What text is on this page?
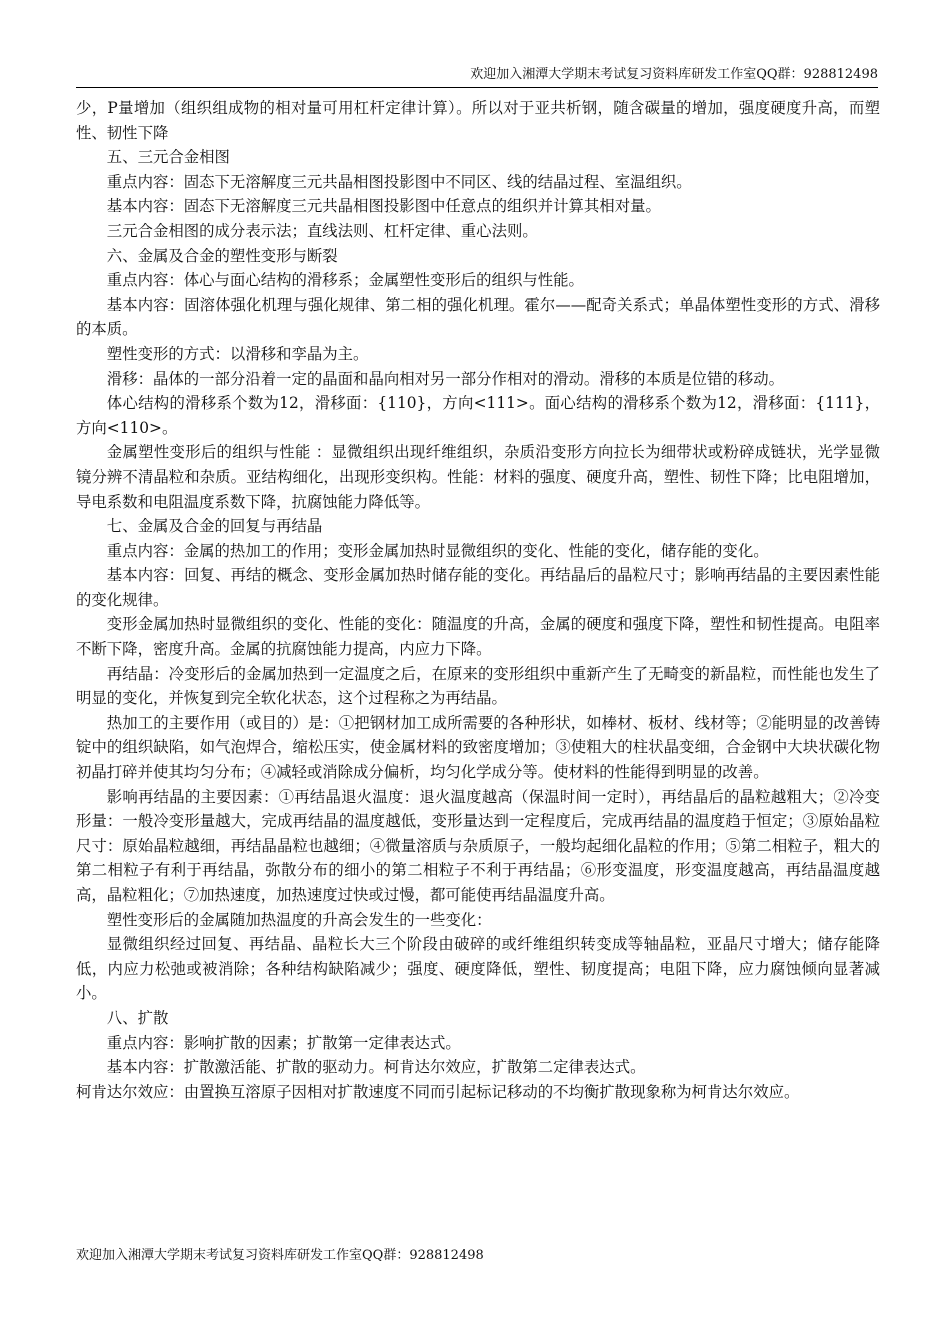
欢迎加入湘潭大学期末考试复习资料库研发工作室QQ群：928812498

少，P量增加（组织组成物的相对量可用杠杆定律计算）。所以对于亚共析钢，随含碳量的增加，强度硬度升高，而塑性、韧性下降

五、三元合金相图

重点内容：固态下无溶解度三元共晶相图投影图中不同区、线的结晶过程、室温组织。

基本内容：固态下无溶解度三元共晶相图投影图中任意点的组织并计算其相对量。

三元合金相图的成分表示法；直线法则、杠杆定律、重心法则。

六、金属及合金的塑性变形与断裂

重点内容：体心与面心结构的滑移系；金属塑性变形后的组织与性能。

基本内容：固溶体强化机理与强化规律、第二相的强化机理。霍尔——配奇关系式；单晶体塑性变形的方式、滑移的本质。

塑性变形的方式：以滑移和孪晶为主。

滑移：晶体的一部分沿着一定的晶面和晶向相对另一部分作相对的滑动。滑移的本质是位错的移动。

体心结构的滑移系个数为12，滑移面：{110}，方向<111>。面心结构的滑移系个数为12，滑移面：{111}，方向<110>。

金属塑性变形后的组织与性能 ：显微组织出现纤维组织，杂质沿变形方向拉长为细带状或粉碎成链状，光学显微镜分辨不清晶粒和杂质。亚结构细化，出现形变织构。性能：材料的强度、硬度升高，塑性、韧性下降；比电阻增加，导电系数和电阻温度系数下降，抗腐蚀能力降低等。

七、金属及合金的回复与再结晶

重点内容：金属的热加工的作用；变形金属加热时显微组织的变化、性能的变化，储存能的变化。

基本内容：回复、再结的概念、变形金属加热时储存能的变化。再结晶后的晶粒尺寸；影响再结晶的主要因素性能的变化规律。

变形金属加热时显微组织的变化、性能的变化：随温度的升高，金属的硬度和强度下降，塑性和韧性提高。电阻率不断下降，密度升高。金属的抗腐蚀能力提高，内应力下降。

再结晶：冷变形后的金属加热到一定温度之后，在原来的变形组织中重新产生了无畸变的新晶粒，而性能也发生了明显的变化，并恢复到完全软化状态，这个过程称之为再结晶。

热加工的主要作用（或目的）是：①把钢材加工成所需要的各种形状，如棒材、板材、线材等；②能明显的改善铸锭中的组织缺陷，如气泡焊合，缩松压实，使金属材料的致密度增加；③使粗大的柱状晶变细，合金钢中大块状碳化物初晶打碎并使其均匀分布；④减轻或消除成分偏析，均匀化学成分等。使材料的性能得到明显的改善。

影响再结晶的主要因素：①再结晶退火温度：退火温度越高（保温时间一定时），再结晶后的晶粒越粗大；②冷变形量：一般冷变形量越大，完成再结晶的温度越低，变形量达到一定程度后，完成再结晶的温度趋于恒定；③原始晶粒尺寸：原始晶粒越细，再结晶晶粒也越细；④微量溶质与杂质原子，一般均起细化晶粒的作用；⑤第二相粒子，粗大的第二相粒子有利于再结晶，弥散分布的细小的第二相粒子不利于再结晶；⑥形变温度，形变温度越高，再结晶温度越高，晶粒粗化；⑦加热速度，加热速度过快或过慢，都可能使再结晶温度升高。

塑性变形后的金属随加热温度的升高会发生的一些变化：

显微组织经过回复、再结晶、晶粒长大三个阶段由破碎的或纤维组织转变成等轴晶粒，亚晶尺寸增大；储存能降低，内应力松弛或被消除；各种结构缺陷减少；强度、硬度降低，塑性、韧度提高；电阻下降，应力腐蚀倾向显著减小。

八、扩散

重点内容：影响扩散的因素；扩散第一定律表达式。

基本内容：扩散激活能、扩散的驱动力。柯肯达尔效应，扩散第二定律表达式。

柯肯达尔效应：由置换互溶原子因相对扩散速度不同而引起标记移动的不均衡扩散现象称为柯肯达尔效应。

欢迎加入湘潭大学期末考试复习资料库研发工作室QQ群：928812498
